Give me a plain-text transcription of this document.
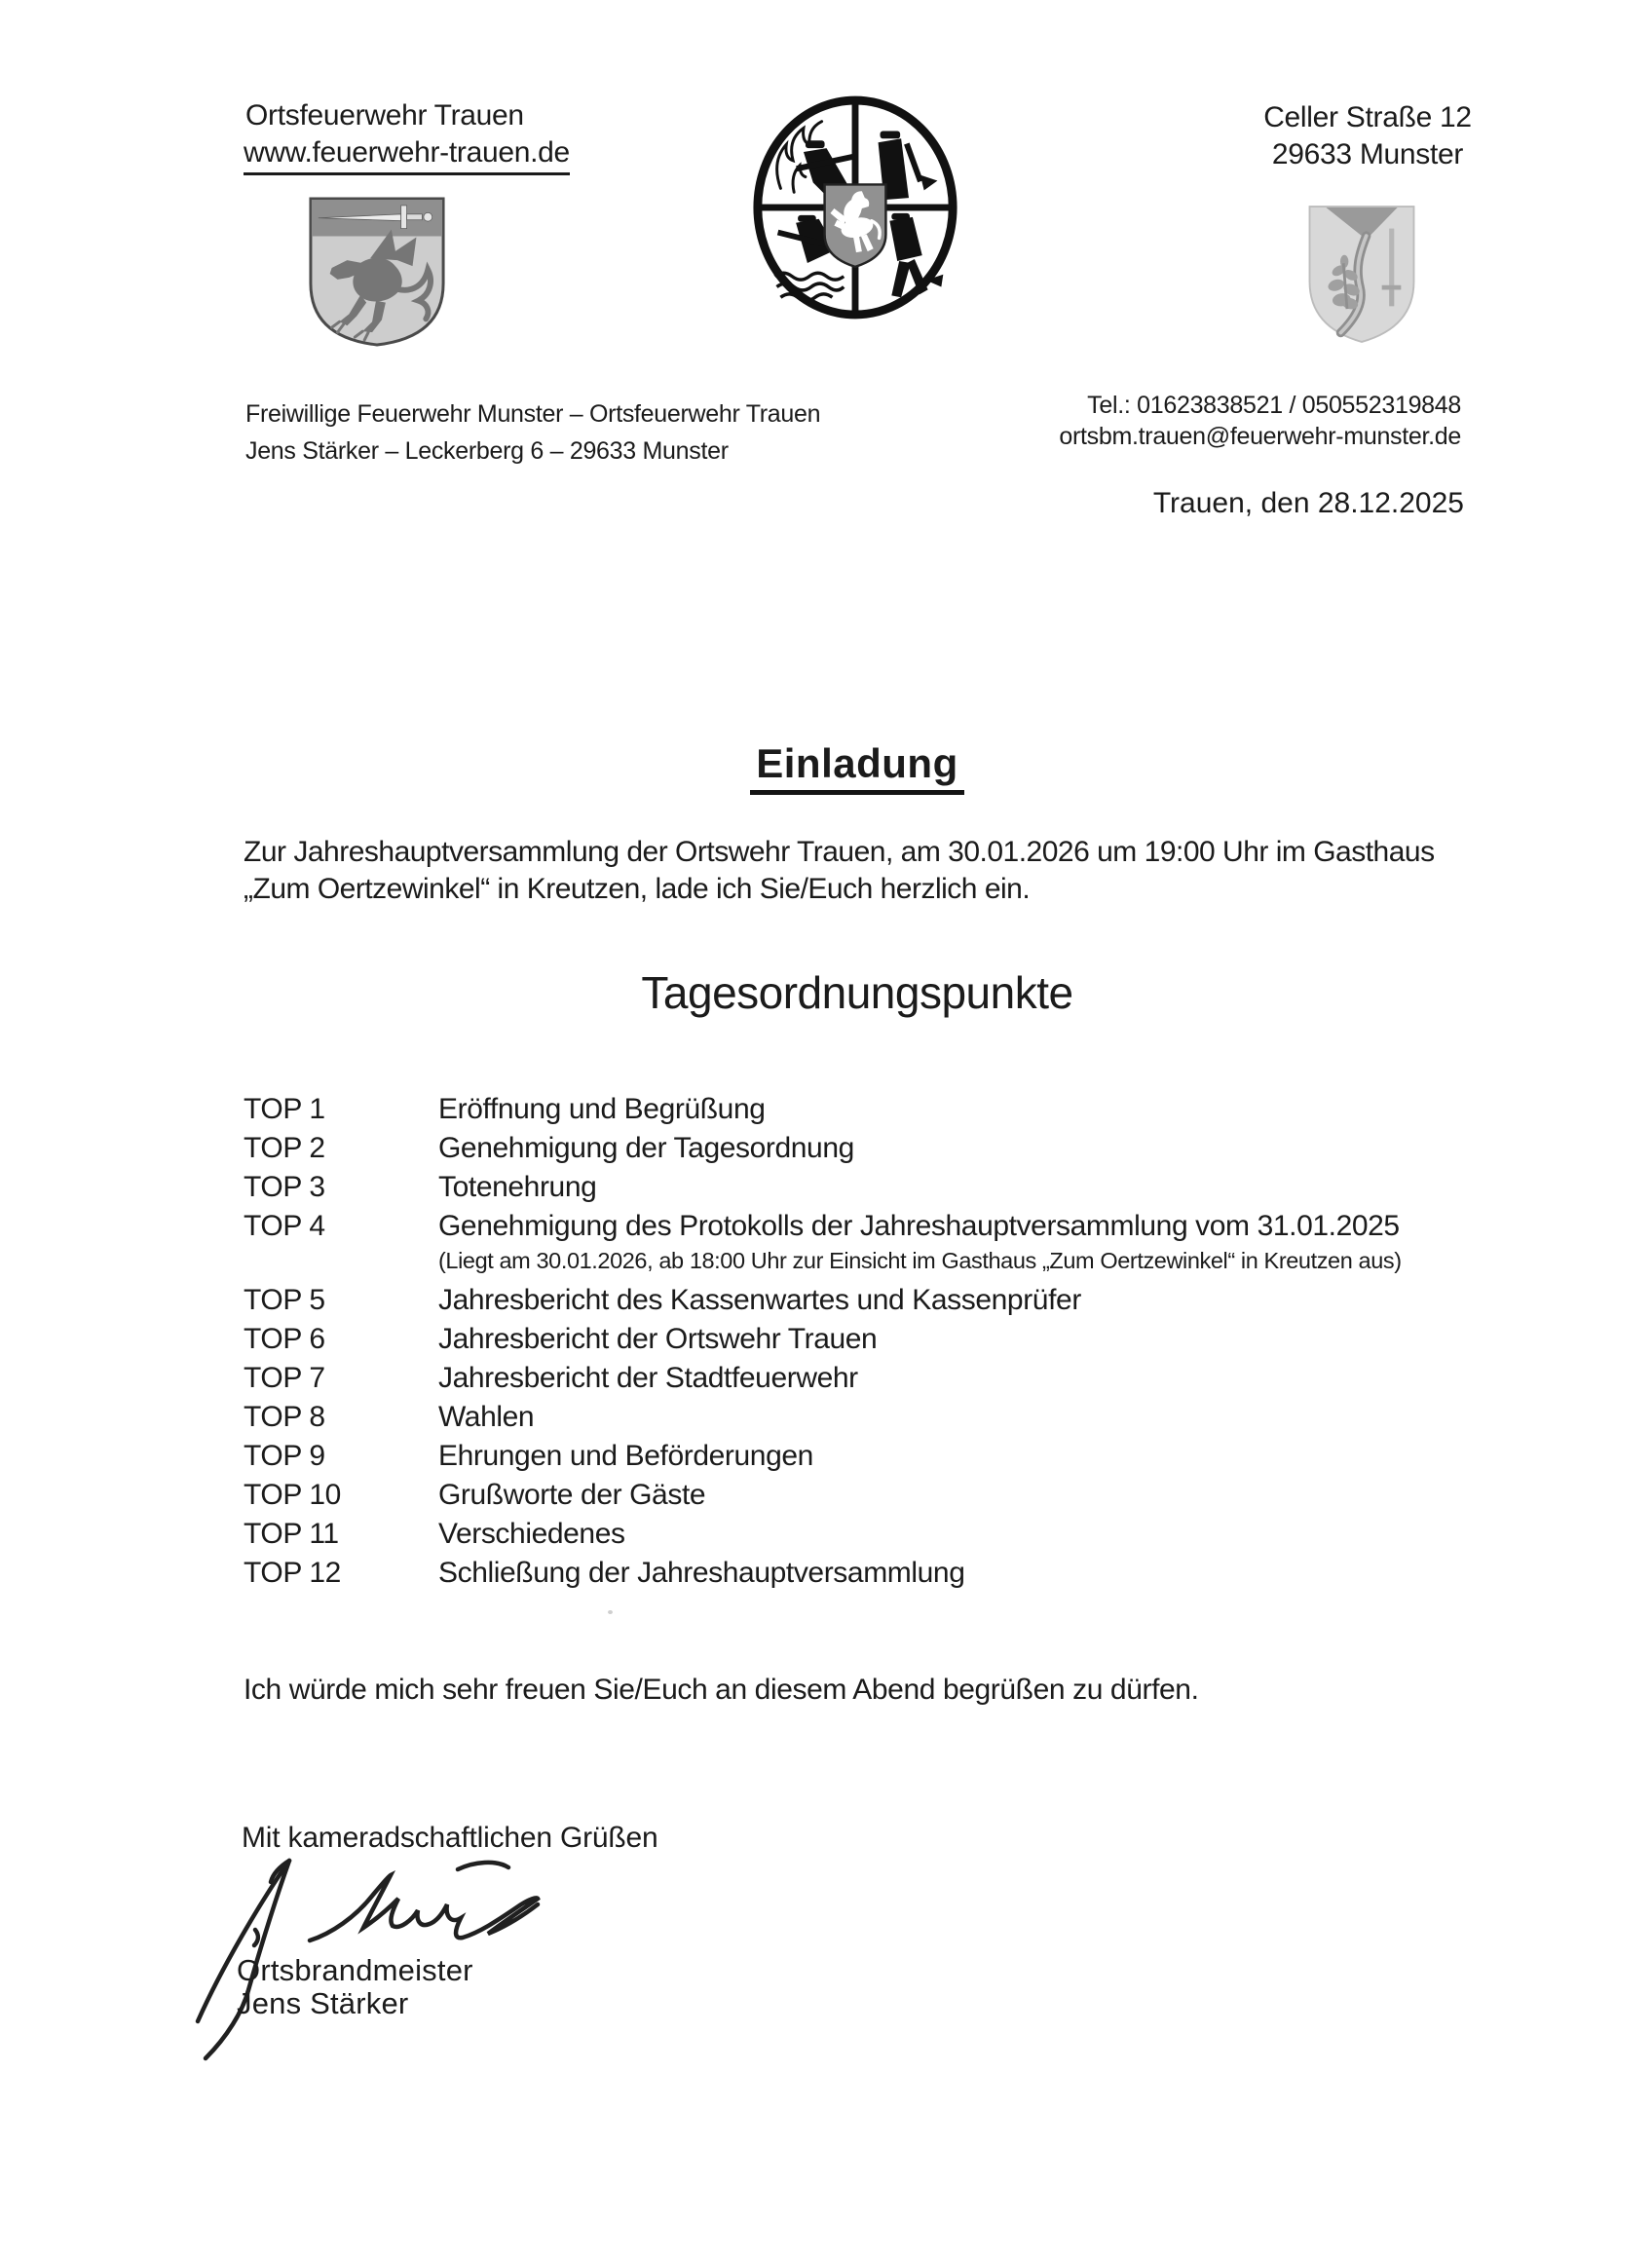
Ortsfeuerwehr Trauen
www.feuerwehr-trauen.de
Celler Straße 12
29633 Munster
Freiwillige Feuerwehr Munster – Ortsfeuerwehr Trauen
Jens Stärker – Leckerberg 6 – 29633 Munster
Tel.: 01623838521 / 050552319848
ortsbm.trauen@feuerwehr-munster.de
Trauen, den 28.12.2025
Einladung
Zur Jahreshauptversammlung der Ortswehr Trauen, am 30.01.2026 um 19:00 Uhr im Gasthaus
„Zum Oertzewinkel“ in Kreutzen, lade ich Sie/Euch herzlich ein.
Tagesordnungspunkte
TOP 1	Eröffnung und Begrüßung
TOP 2	Genehmigung der Tagesordnung
TOP 3	Totenehrung
TOP 4	Genehmigung des Protokolls der Jahreshauptversammlung vom 31.01.2025
(Liegt am 30.01.2026, ab 18:00 Uhr zur Einsicht im Gasthaus „Zum Oertzewinkel“ in Kreutzen aus)
TOP 5	Jahresbericht des Kassenwartes und Kassenprüfer
TOP 6	Jahresbericht der Ortswehr Trauen
TOP 7	Jahresbericht der Stadtfeuerwehr
TOP 8	Wahlen
TOP 9	Ehrungen und Beförderungen
TOP 10	Grußworte der Gäste
TOP 11	Verschiedenes
TOP 12	Schließung der Jahreshauptversammlung
Ich würde mich sehr freuen Sie/Euch an diesem Abend begrüßen zu dürfen.
Mit kameradschaftlichen Grüßen
Ortsbrandmeister
Jens Stärker
